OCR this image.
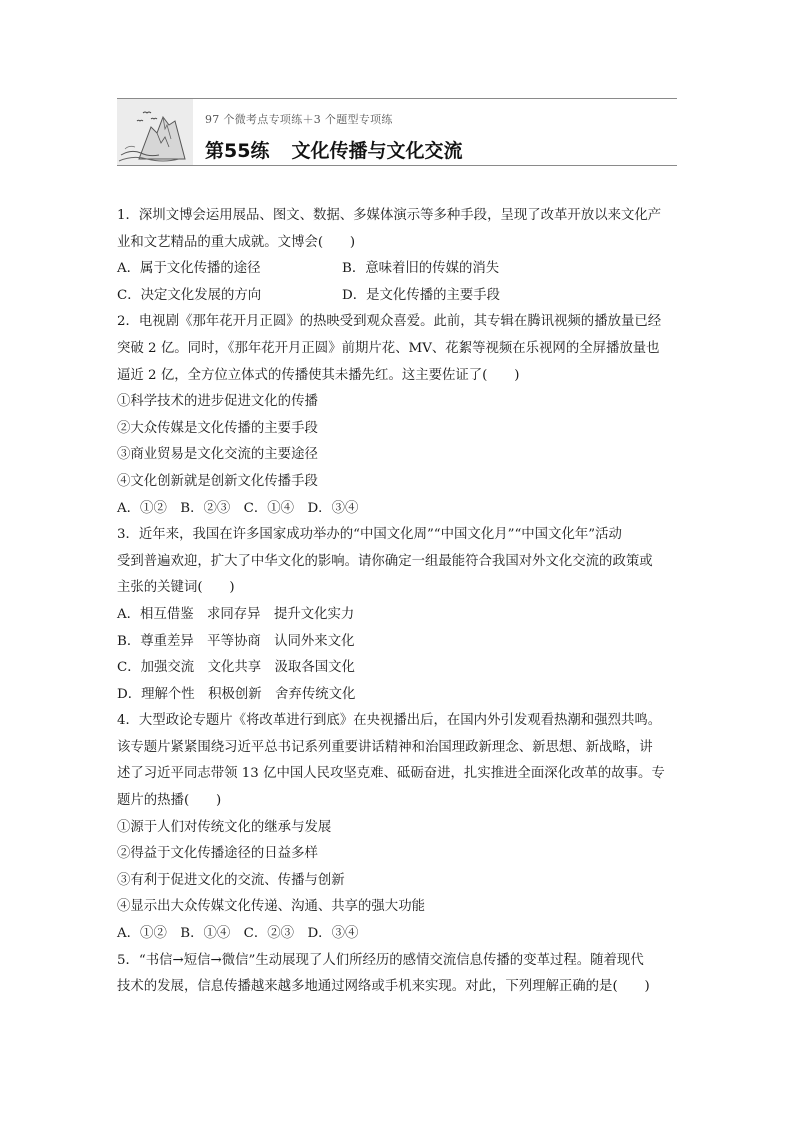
97 个微考点专项练＋3 个题型专项练
第55练 文化传播与文化交流
1．深圳文博会运用展品、图文、数据、多媒体演示等多种手段，呈现了改革开放以来文化产
业和文艺精品的重大成就。文博会(　　)
A．属于文化传播的途径	B．意味着旧的传媒的消失
C．决定文化发展的方向	D．是文化传播的主要手段
2．电视剧《那年花开月正圆》的热映受到观众喜爱。此前，其专辑在腾讯视频的播放量已经
突破 2 亿。同时，《那年花开月正圆》前期片花、MV、花絮等视频在乐视网的全屏播放量也
逼近 2 亿，全方位立体式的传播使其未播先红。这主要佐证了(　　)
①科学技术的进步促进文化的传播
②大众传媒是文化传播的主要手段
③商业贸易是文化交流的主要途径
④文化创新就是创新文化传播手段
A．①②　B．②③　C．①④　D．③④
3．近年来，我国在许多国家成功举办的“中国文化周”“中国文化月”“中国文化年”活动
受到普遍欢迎，扩大了中华文化的影响。请你确定一组最能符合我国对外文化交流的政策或
主张的关键词(　　)
A．相互借鉴　求同存异　提升文化实力
B．尊重差异　平等协商　认同外来文化
C．加强交流　文化共享　汲取各国文化
D．理解个性　积极创新　舍弃传统文化
4．大型政论专题片《将改革进行到底》在央视播出后，在国内外引发观看热潮和强烈共鸣。
该专题片紧紧围绕习近平总书记系列重要讲话精神和治国理政新理念、新思想、新战略，讲
述了习近平同志带领 13 亿中国人民攻坚克难、砥砺奋进，扎实推进全面深化改革的故事。专
题片的热播(　　)
①源于人们对传统文化的继承与发展
②得益于文化传播途径的日益多样
③有利于促进文化的交流、传播与创新
④显示出大众传媒文化传递、沟通、共享的强大功能
A．①②　B．①④　C．②③　D．③④
5．“书信→短信→微信”生动展现了人们所经历的感情交流信息传播的变革过程。随着现代
技术的发展，信息传播越来越多地通过网络或手机来实现。对此，下列理解正确的是(　　)
